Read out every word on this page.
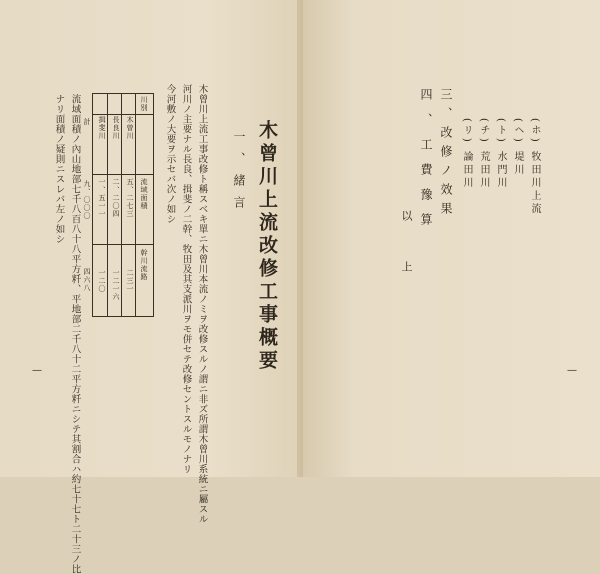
木曾川上流改修工事概要
一、緒言
木曾川上流工事改修ト稱スベキ單ニ木曾川本流ノミヲ改修スルノ謂ニ非ズ所謂木曾川系統ニ屬スル
河川ノ主要ナル長良、揖斐ノ二幹、牧田及其支派川ヲモ併セテ改修セントスルモノナリ
今河敷ノ大要ヲ示セバ次ノ如シ
川別
流域面積
幹川流路
木曾川
五、二七三
二三一
長良川
二、二〇四
一二一六
揖斐川
一、五一一
一二〇
計
九、〇〇〇
四六八
流域面積ノ內山地部七千八百八十八平方粁、平地部二千八十二平方粁ニシテ其割合ハ約七十七ト二十三ノ比
ナリ面積ノ疑則ニスレバ左ノ如シ
—
(ホ) 牧田川上流
(ヘ) 堤川
(ト) 水門川
(チ) 荒田川
(リ) 論田川
三、改修ノ效果
四、工費豫算
以上
—
